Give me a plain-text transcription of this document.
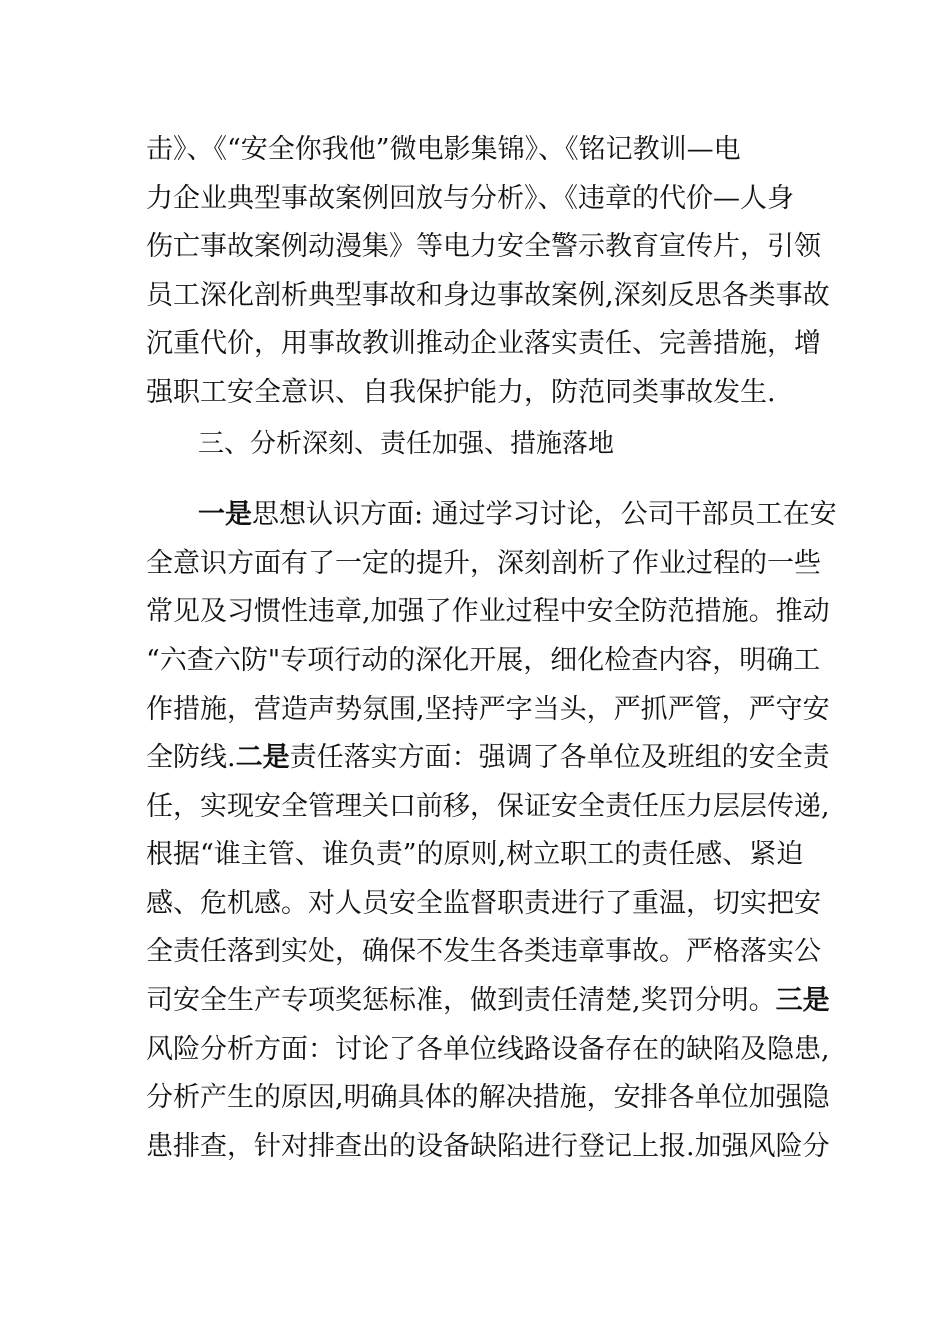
击》、《“安全你我他”微电影集锦》、《铭记教训—电
力企业典型事故案例回放与分析》、《违章的代价—人身
伤亡事故案例动漫集》等电力安全警示教育宣传片，引领
员工深化剖析典型事故和身边事故案例,深刻反思各类事故
沉重代价，用事故教训推动企业落实责任、完善措施，增
强职工安全意识、自我保护能力，防范同类事故发生.
三、分析深刻、责任加强、措施落地
一是思想认识方面: 通过学习讨论，公司干部员工在安
全意识方面有了一定的提升，深刻剖析了作业过程的一些
常见及习惯性违章,加强了作业过程中安全防范措施。推动
“六查六防"专项行动的深化开展，细化检查内容，明确工
作措施，营造声势氛围,坚持严字当头，严抓严管，严守安
全防线.二是责任落实方面：强调了各单位及班组的安全责
任，实现安全管理关口前移，保证安全责任压力层层传递,
根据“谁主管、谁负责”的原则,树立职工的责任感、紧迫
感、危机感。对人员安全监督职责进行了重温，切实把安
全责任落到实处，确保不发生各类违章事故。严格落实公
司安全生产专项奖惩标准，做到责任清楚,奖罚分明。三是
风险分析方面：讨论了各单位线路设备存在的缺陷及隐患,
分析产生的原因,明确具体的解决措施，安排各单位加强隐
患排查，针对排查出的设备缺陷进行登记上报.加强风险分
